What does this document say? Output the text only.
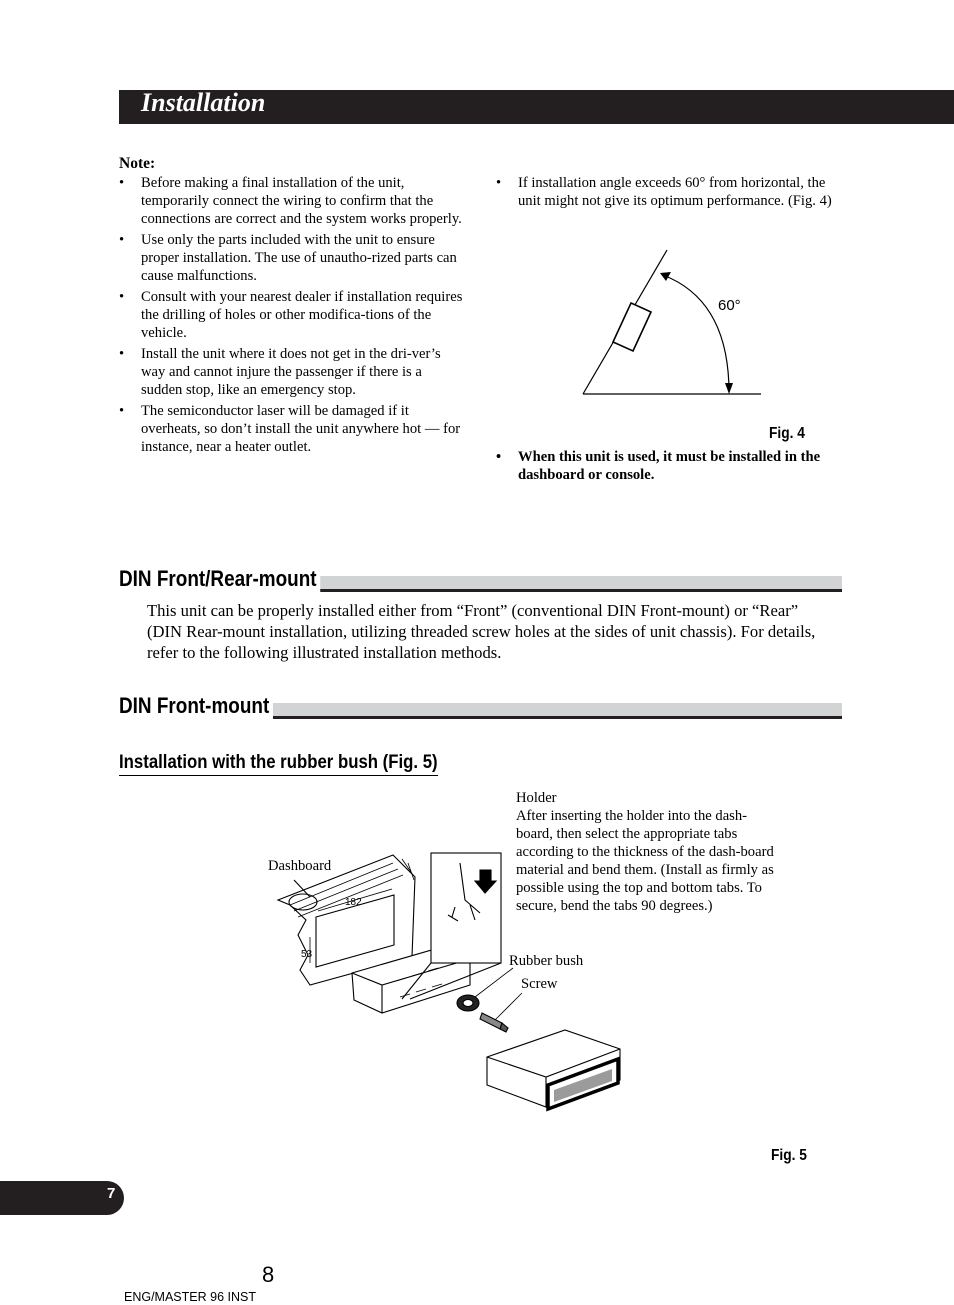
Installation
Note:
• Before making a final installation of the unit, temporarily connect the wiring to confirm that the connections are correct and the system works properly.
• Use only the parts included with the unit to ensure proper installation. The use of unautho-rized parts can cause malfunctions.
• Consult with your nearest dealer if installation requires the drilling of holes or other modifica-tions of the vehicle.
• Install the unit where it does not get in the dri-ver’s way and cannot injure the passenger if there is a sudden stop, like an emergency stop.
• The semiconductor laser will be damaged if it overheats, so don’t install the unit anywhere hot — for instance, near a heater outlet.
• If installation angle exceeds 60° from horizontal, the unit might not give its optimum performance. (Fig. 4)
60°
Fig. 4
• When this unit is used, it must be installed in the dashboard or console.
DIN Front/Rear-mount
This unit can be properly installed either from “Front” (conventional DIN Front-mount) or “Rear” (DIN Rear-mount installation, utilizing threaded screw holes at the sides of unit chassis). For details, refer to the following illustrated installation methods.
DIN Front-mount
Installation with the rubber bush (Fig. 5)
Holder
After inserting the holder into the dash-board, then select the appropriate tabs according to the thickness of the dash-board material and bend them. (Install as firmly as possible using the top and bottom tabs. To secure, bend the tabs 90 degrees.)
Dashboard
Rubber bush
Screw
182
53
Fig. 5
7
8
ENG/MASTER 96 INST
